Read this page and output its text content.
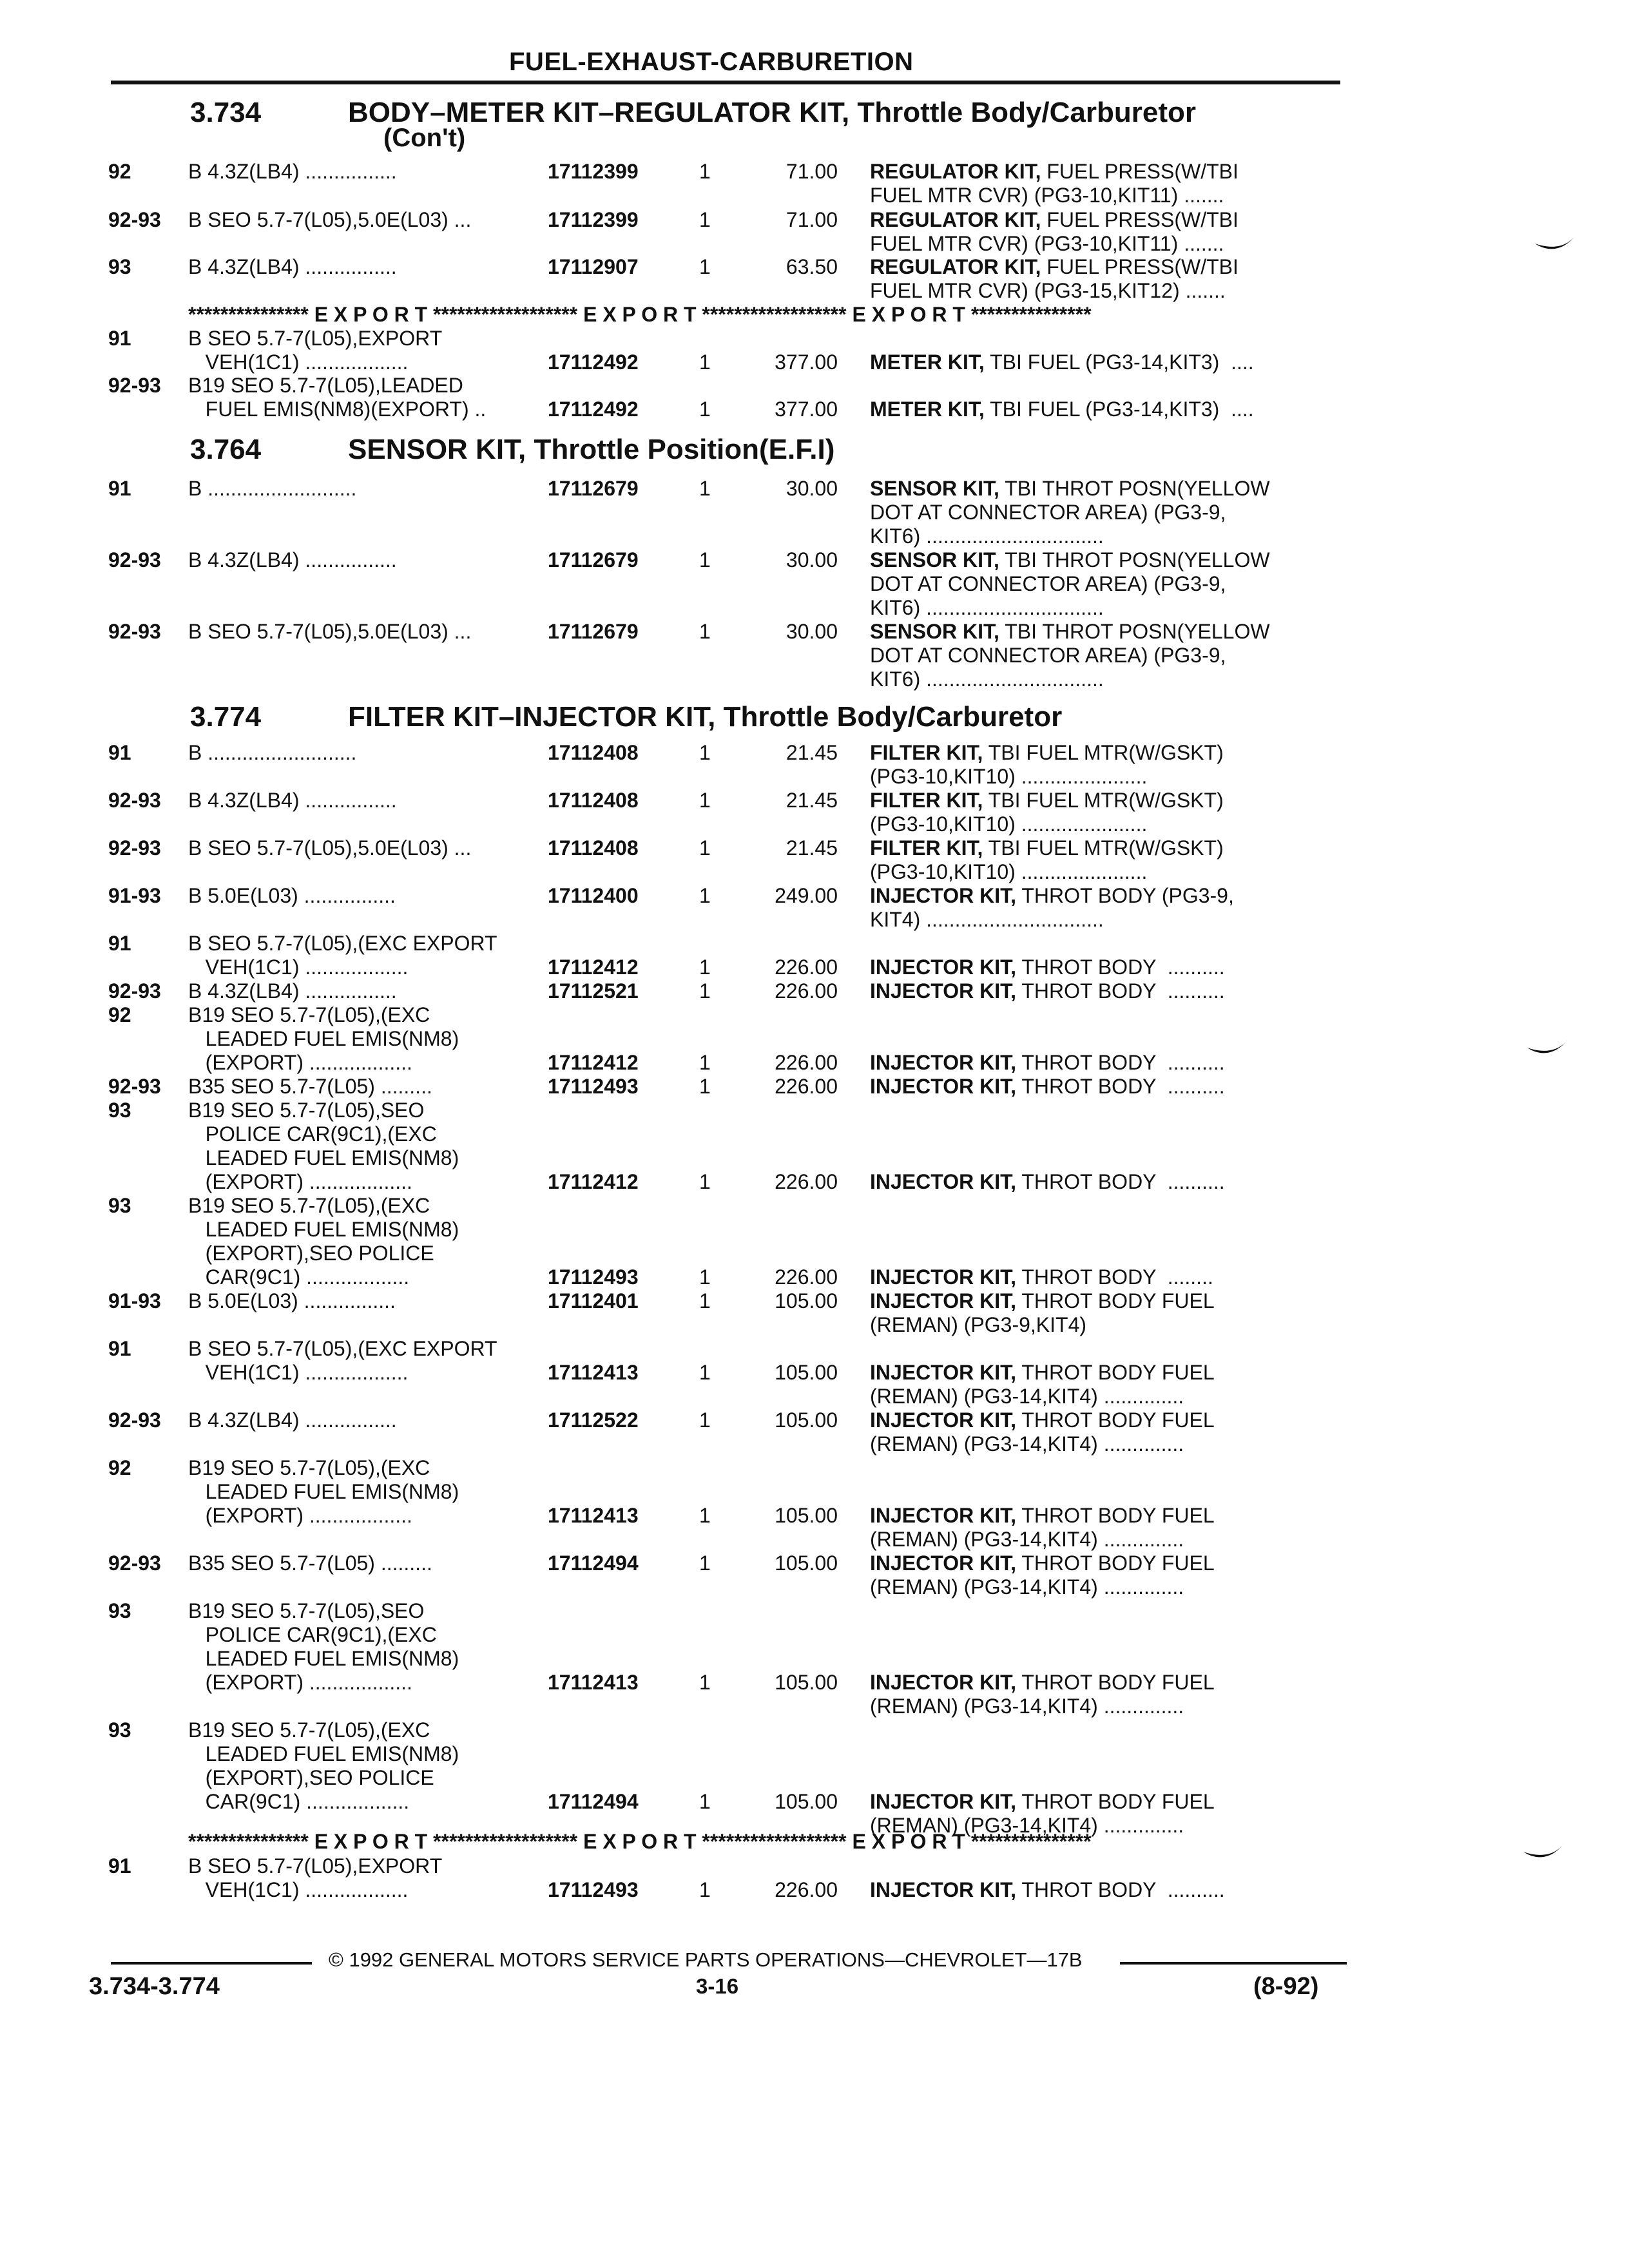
FUEL-EXHAUST-CARBURETION
3.734	BODY–METER KIT–REGULATOR KIT, Throttle Body/Carburetor
(Con't)
3.764	SENSOR KIT, Throttle Position(E.F.I)
3.774	FILTER KIT–INJECTOR KIT, Throttle Body/Carburetor
*************** E X P O R T ****************** E X P O R T ****************** E X P O R T ***************
*************** E X P O R T ****************** E X P O R T ****************** E X P O R T ***************
92	B 4.3Z(LB4) ................	17112399	1	71.00 REGULATOR KIT, FUEL PRESS(W/TBI
FUEL MTR CVR) (PG3-10,KIT11) .......
92-93 B SEO 5.7-7(L05),5.0E(L03) ...	17112399	1	71.00 REGULATOR KIT, FUEL PRESS(W/TBI
FUEL MTR CVR) (PG3-10,KIT11) .......
93	B 4.3Z(LB4) ................	17112907	1	63.50 REGULATOR KIT, FUEL PRESS(W/TBI
FUEL MTR CVR) (PG3-15,KIT12) .......
91	B SEO 5.7-7(L05),EXPORT
VEH(1C1) ..................	17112492	1	377.00 METER KIT, TBI FUEL (PG3-14,KIT3)  ....
92-93 B19 SEO 5.7-7(L05),LEADED
FUEL EMIS(NM8)(EXPORT) ..	17112492	1	377.00 METER KIT, TBI FUEL (PG3-14,KIT3)  ....
91	B ..........................	17112679	1	30.00 SENSOR KIT, TBI THROT POSN(YELLOW
DOT AT CONNECTOR AREA) (PG3-9,
KIT6) ...............................
92-93 B 4.3Z(LB4) ................	17112679	1	30.00 SENSOR KIT, TBI THROT POSN(YELLOW
DOT AT CONNECTOR AREA) (PG3-9,
KIT6) ...............................
92-93 B SEO 5.7-7(L05),5.0E(L03) ...	17112679	1	30.00 SENSOR KIT, TBI THROT POSN(YELLOW
DOT AT CONNECTOR AREA) (PG3-9,
KIT6) ...............................
91	B ..........................	17112408	1	21.45 FILTER KIT, TBI FUEL MTR(W/GSKT)
(PG3-10,KIT10) ......................
92-93 B 4.3Z(LB4) ................	17112408	1	21.45 FILTER KIT, TBI FUEL MTR(W/GSKT)
(PG3-10,KIT10) ......................
92-93 B SEO 5.7-7(L05),5.0E(L03) ...	17112408	1	21.45 FILTER KIT, TBI FUEL MTR(W/GSKT)
(PG3-10,KIT10) ......................
91-93 B 5.0E(L03) ................	17112400	1	249.00 INJECTOR KIT, THROT BODY (PG3-9,
KIT4) ...............................
91	B SEO 5.7-7(L05),(EXC EXPORT
VEH(1C1) ..................	17112412	1	226.00 INJECTOR KIT, THROT BODY  ..........
92-93 B 4.3Z(LB4) ................	17112521	1	226.00 INJECTOR KIT, THROT BODY  ..........
92	B19 SEO 5.7-7(L05),(EXC
LEADED FUEL EMIS(NM8)
(EXPORT) ..................	17112412	1	226.00 INJECTOR KIT, THROT BODY  ..........
92-93 B35 SEO 5.7-7(L05) .........	17112493	1	226.00 INJECTOR KIT, THROT BODY  ..........
93	B19 SEO 5.7-7(L05),SEO
POLICE CAR(9C1),(EXC
LEADED FUEL EMIS(NM8)
(EXPORT) ..................	17112412	1	226.00 INJECTOR KIT, THROT BODY  ..........
93	B19 SEO 5.7-7(L05),(EXC
LEADED FUEL EMIS(NM8)
(EXPORT),SEO POLICE
CAR(9C1) ..................	17112493	1	226.00 INJECTOR KIT, THROT BODY  ........
91-93 B 5.0E(L03) ................	17112401	1	105.00 INJECTOR KIT, THROT BODY FUEL
(REMAN) (PG3-9,KIT4)
91	B SEO 5.7-7(L05),(EXC EXPORT
VEH(1C1) ..................	17112413	1	105.00 INJECTOR KIT, THROT BODY FUEL
(REMAN) (PG3-14,KIT4) ..............
92-93 B 4.3Z(LB4) ................	17112522	1	105.00 INJECTOR KIT, THROT BODY FUEL
(REMAN) (PG3-14,KIT4) ..............
92	B19 SEO 5.7-7(L05),(EXC
LEADED FUEL EMIS(NM8)
(EXPORT) ..................	17112413	1	105.00 INJECTOR KIT, THROT BODY FUEL
(REMAN) (PG3-14,KIT4) ..............
92-93 B35 SEO 5.7-7(L05) .........	17112494	1	105.00 INJECTOR KIT, THROT BODY FUEL
(REMAN) (PG3-14,KIT4) ..............
93	B19 SEO 5.7-7(L05),SEO
POLICE CAR(9C1),(EXC
LEADED FUEL EMIS(NM8)
(EXPORT) ..................	17112413	1	105.00 INJECTOR KIT, THROT BODY FUEL
(REMAN) (PG3-14,KIT4) ..............
93	B19 SEO 5.7-7(L05),(EXC
LEADED FUEL EMIS(NM8)
(EXPORT),SEO POLICE
CAR(9C1) ..................	17112494	1	105.00 INJECTOR KIT, THROT BODY FUEL
(REMAN) (PG3-14,KIT4) ..............
91	B SEO 5.7-7(L05),EXPORT
VEH(1C1) ..................	17112493	1	226.00 INJECTOR KIT, THROT BODY  ..........
© 1992 GENERAL MOTORS SERVICE PARTS OPERATIONS—CHEVROLET—17B
3.734-3.774	3-16	(8-92)
